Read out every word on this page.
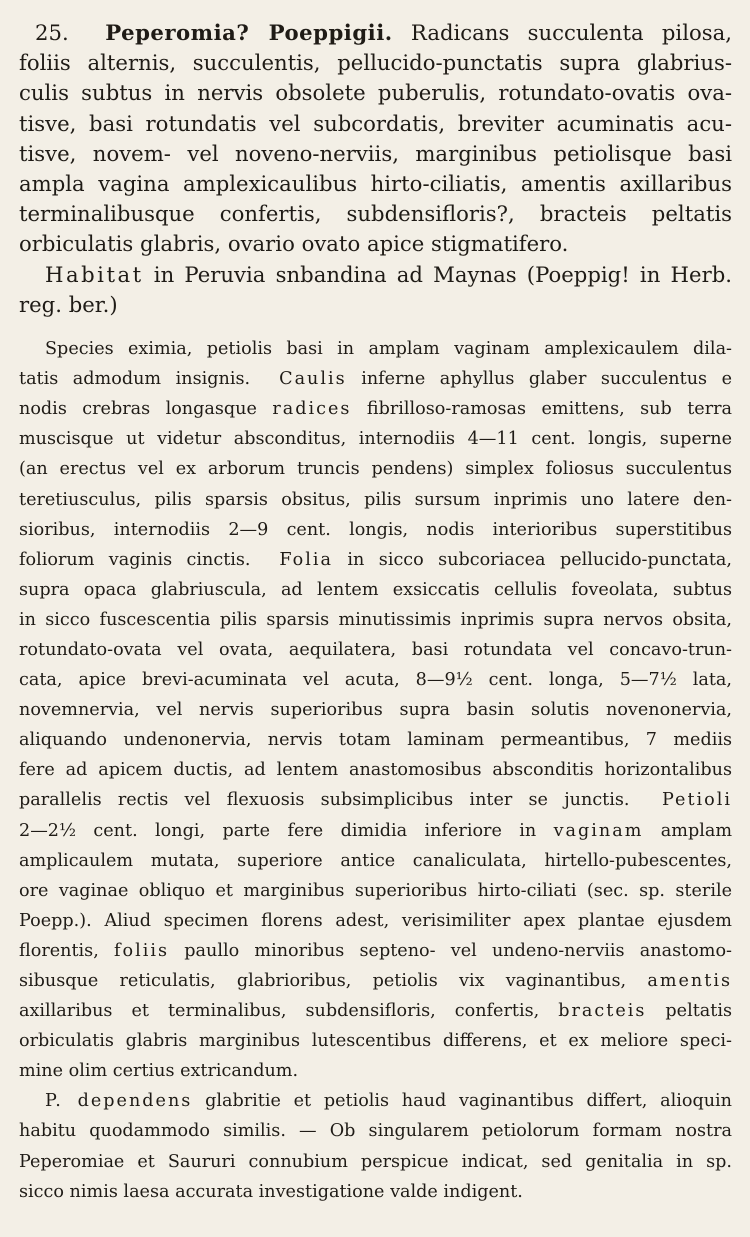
25. Peperomia? Poeppigii. Radicans succulenta pilosa,
foliis alternis, succulentis, pellucido-punctatis supra glabrius-
culis subtus in nervis obsolete puberulis, rotundato-ovatis ova-
tisve, basi rotundatis vel subcordatis, breviter acuminatis acu-
tisve, novem- vel noveno-nerviis, marginibus petiolisque basi
ampla vagina amplexicaulibus hirto-ciliatis, amentis axillaribus
terminalibusque confertis, subdensifloris?, bracteis peltatis
orbiculatis glabris, ovario ovato apice stigmatifero.

Habitat in Peruvia snbandina ad Maynas (Poeppig! in Herb.
reg. ber.)

Species eximia, petiolis basi in amplam vaginam amplexicaulem dila-
tatis admodum insignis. Caulis inferne aphyllus glaber succulentus e
nodis crebras longasque radices fibrilloso-ramosas emittens, sub terra
muscisque ut videtur absconditus, internodiis 4—11 cent. longis, superne
(an erectus vel ex arborum truncis pendens) simplex foliosus succulentus
teretiusculus, pilis sparsis obsitus, pilis sursum inprimis uno latere den-
sioribus, internodiis 2—9 cent. longis, nodis interioribus superstitibus
foliorum vaginis cinctis. Folia in sicco subcoriacea pellucido-punctata,
supra opaca glabriuscula, ad lentem exsiccatis cellulis foveolata, subtus
in sicco fuscescentia pilis sparsis minutissimis inprimis supra nervos obsita,
rotundato-ovata vel ovata, aequilatera, basi rotundata vel concavo-trun-
cata, apice brevi-acuminata vel acuta, 8—9½ cent. longa, 5—7½ lata,
novemnervia, vel nervis superioribus supra basin solutis novenonervia,
aliquando undenonervia, nervis totam laminam permeantibus, 7 mediis
fere ad apicem ductis, ad lentem anastomosibus absconditis horizontalibus
parallelis rectis vel flexuosis subsimplicibus inter se junctis. Petioli
2—2½ cent. longi, parte fere dimidia inferiore in vaginam amplam
amplicaulem mutata, superiore antice canaliculata, hirtello-pubescentes,
ore vaginae obliquo et marginibus superioribus hirto-ciliati (sec. sp. sterile
Poepp.). Aliud specimen florens adest, verisimiliter apex plantae ejusdem
florentis, foliis paullo minoribus septeno- vel undeno-nerviis anastomo-
sibusque reticulatis, glabrioribus, petiolis vix vaginantibus, amentis
axillaribus et terminalibus, subdensifloris, confertis, bracteis peltatis
orbiculatis glabris marginibus lutescentibus differens, et ex meliore speci-
mine olim certius extricandum.

P. dependens glabritie et petiolis haud vaginantibus differt, alioquin
habitu quodammodo similis. — Ob singularem petiolorum formam nostra
Peperomiae et Saururi connubium perspicue indicat, sed genitalia in sp.
sicco nimis laesa accurata investigatione valde indigent.
